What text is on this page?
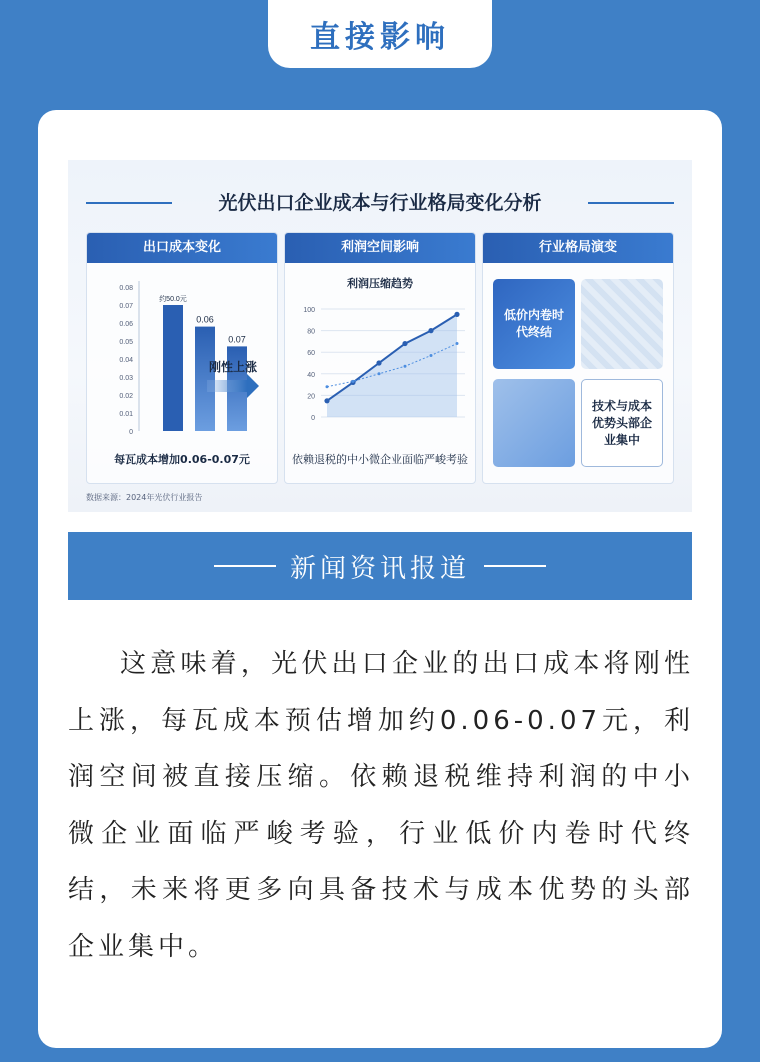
直接影响
光伏出口企业成本与行业格局变化分析
出口成本变化
0.08
0.07
0.06
0.05
0.04
0.03
0.02
0.01
0
约50.0元
0.06
0.07
刚性上涨
每瓦成本增加0.06-0.07元
利润空间影响
利润压缩趋势
100
80
60
40
20
0
依赖退税的中小微企业面临严峻考验
行业格局演变
低价内卷时代终结
技术与成本优势头部企业集中
数据来源：2024年光伏行业报告
新闻资讯报道

这意味着，光伏出口企业的出口成本将刚性上涨，每瓦成本预估增加约0.06-0.07元，利润空间被直接压缩。依赖退税维持利润的中小微企业面临严峻考验，行业低价内卷时代终结，未来将更多向具备技术与成本优势的头部企业集中。
